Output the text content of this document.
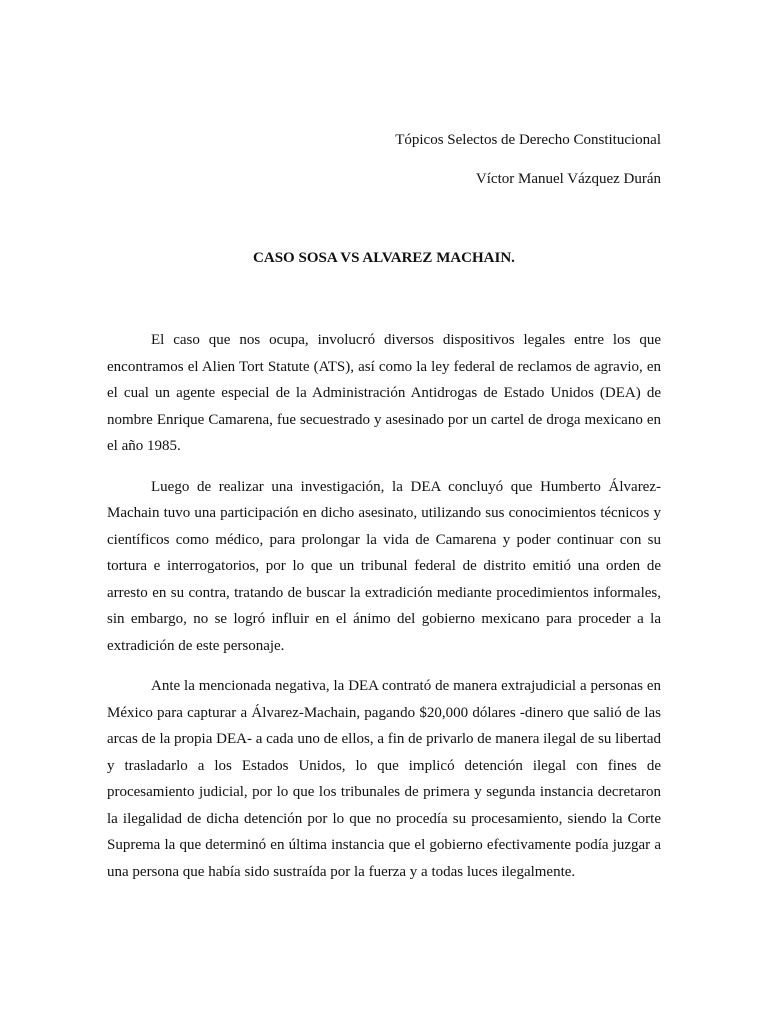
Tópicos Selectos de Derecho Constitucional
Víctor Manuel Vázquez Durán
CASO SOSA VS ALVAREZ MACHAIN.

El caso que nos ocupa, involucró diversos dispositivos legales entre los que encontramos el Alien Tort Statute (ATS), así como la ley federal de reclamos de agravio, en el cual un agente especial de la Administración Antidrogas de Estado Unidos (DEA) de nombre Enrique Camarena, fue secuestrado y asesinado por un cartel de droga mexicano en el año 1985.

Luego de realizar una investigación, la DEA concluyó que Humberto Álvarez-Machain tuvo una participación en dicho asesinato, utilizando sus conocimientos técnicos y científicos como médico, para prolongar la vida de Camarena y poder continuar con su tortura e interrogatorios, por lo que un tribunal federal de distrito emitió una orden de arresto en su contra, tratando de buscar la extradición mediante procedimientos informales, sin embargo, no se logró influir en el ánimo del gobierno mexicano para proceder a la extradición de este personaje.

Ante la mencionada negativa, la DEA contrató de manera extrajudicial a personas en México para capturar a Álvarez-Machain, pagando $20,000 dólares -dinero que salió de las arcas de la propia DEA- a cada uno de ellos, a fin de privarlo de manera ilegal de su libertad y trasladarlo a los Estados Unidos, lo que implicó detención ilegal con fines de procesamiento judicial, por lo que los tribunales de primera y segunda instancia decretaron la ilegalidad de dicha detención por lo que no procedía su procesamiento, siendo la Corte Suprema la que determinó en última instancia que el gobierno efectivamente podía juzgar a una persona que había sido sustraída por la fuerza y a todas luces ilegalmente.
